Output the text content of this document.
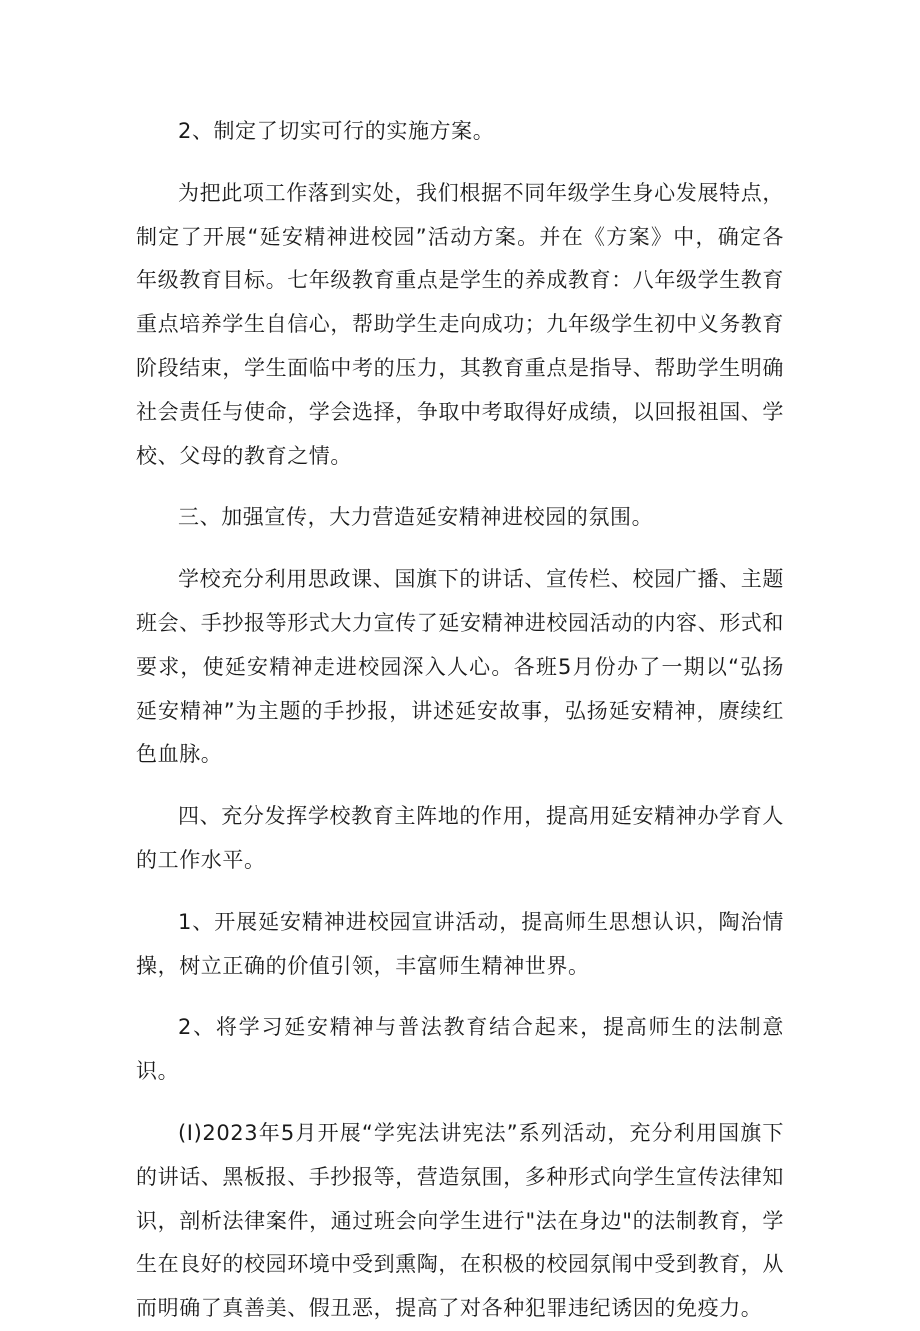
2、制定了切实可行的实施方案。

为把此项工作落到实处，我们根据不同年级学生身心发展特点，制定了开展“延安精神进校园”活动方案。并在《方案》中，确定各年级教育目标。七年级教育重点是学生的养成教育：八年级学生教育重点培养学生自信心，帮助学生走向成功；九年级学生初中义务教育阶段结束，学生面临中考的压力，其教育重点是指导、帮助学生明确社会责任与使命，学会选择，争取中考取得好成绩，以回报祖国、学校、父母的教育之情。

三、加强宣传，大力营造延安精神进校园的氛围。

学校充分利用思政课、国旗下的讲话、宣传栏、校园广播、主题班会、手抄报等形式大力宣传了延安精神进校园活动的内容、形式和要求，使延安精神走进校园深入人心。各班5月份办了一期以“弘扬延安精神”为主题的手抄报，讲述延安故事，弘扬延安精神，赓续红色血脉。

四、充分发挥学校教育主阵地的作用，提高用延安精神办学育人的工作水平。

1、开展延安精神进校园宣讲活动，提高师生思想认识，陶治情操，树立正确的价值引领，丰富师生精神世界。

2、将学习延安精神与普法教育结合起来，提高师生的法制意识。

(I)2023年5月开展“学宪法讲宪法”系列活动，充分利用国旗下的讲话、黑板报、手抄报等，营造氛围，多种形式向学生宣传法律知识，剖析法律案件，通过班会向学生进行"法在身边"的法制教育，学生在良好的校园环境中受到熏陶，在积极的校园氛闱中受到教育，从而明确了真善美、假丑恶，提高了对各种犯罪违纪诱因的免疫力。
